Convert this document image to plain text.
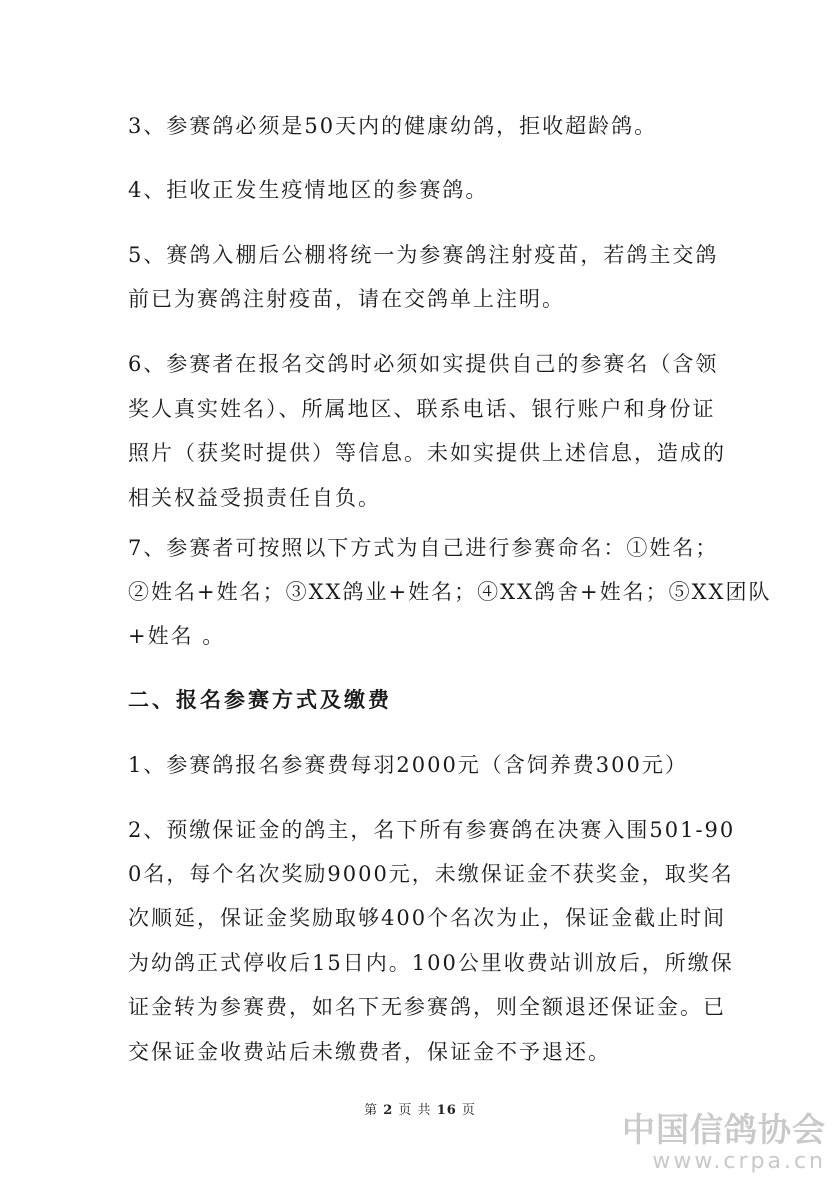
3、参赛鸽必须是50天内的健康幼鸽，拒收超龄鸽。
4、拒收正发生疫情地区的参赛鸽。
5、赛鸽入棚后公棚将统一为参赛鸽注射疫苗，若鸽主交鸽
前已为赛鸽注射疫苗，请在交鸽单上注明。
6、参赛者在报名交鸽时必须如实提供自己的参赛名（含领
奖人真实姓名）、所属地区、联系电话、银行账户和身份证
照片（获奖时提供）等信息。未如实提供上述信息，造成的
相关权益受损责任自负。
7、参赛者可按照以下方式为自己进行参赛命名：①姓名；
②姓名+姓名；③XX鸽业+姓名；④XX鸽舍+姓名；⑤XX团队
+姓名 。
二、报名参赛方式及缴费
1、参赛鸽报名参赛费每羽2000元（含饲养费300元）
2、预缴保证金的鸽主，名下所有参赛鸽在决赛入围501-90
0名，每个名次奖励9000元，未缴保证金不获奖金，取奖名
次顺延，保证金奖励取够400个名次为止，保证金截止时间
为幼鸽正式停收后15日内。100公里收费站训放后，所缴保
证金转为参赛费，如名下无参赛鸽，则全额退还保证金。已
交保证金收费站后未缴费者，保证金不予退还。
第 2 页 共 16 页	中国信鸽协会
www.crpa.cn
